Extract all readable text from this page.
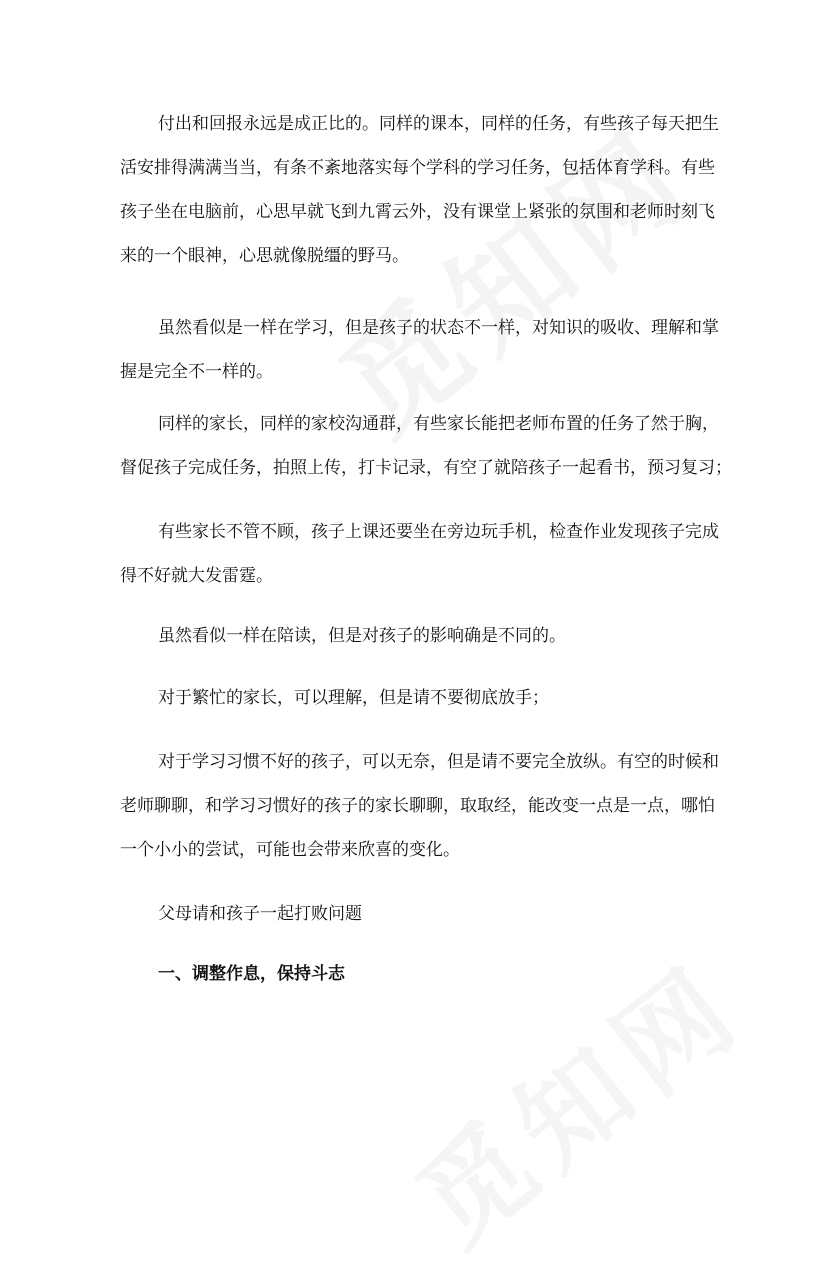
付出和回报永远是成正比的。同样的课本，同样的任务，有些孩子每天把生
活安排得满满当当，有条不紊地落实每个学科的学习任务，包括体育学科。有些
孩子坐在电脑前，心思早就飞到九霄云外，没有课堂上紧张的氛围和老师时刻飞
来的一个眼神，心思就像脱缰的野马。
虽然看似是一样在学习，但是孩子的状态不一样，对知识的吸收、理解和掌
握是完全不一样的。
同样的家长，同样的家校沟通群，有些家长能把老师布置的任务了然于胸，
督促孩子完成任务，拍照上传，打卡记录，有空了就陪孩子一起看书，预习复习；
有些家长不管不顾，孩子上课还要坐在旁边玩手机，检查作业发现孩子完成
得不好就大发雷霆。
虽然看似一样在陪读，但是对孩子的影响确是不同的。
对于繁忙的家长，可以理解，但是请不要彻底放手；
对于学习习惯不好的孩子，可以无奈，但是请不要完全放纵。有空的时候和
老师聊聊，和学习习惯好的孩子的家长聊聊，取取经，能改变一点是一点，哪怕
一个小小的尝试，可能也会带来欣喜的变化。
父母请和孩子一起打败问题
一、调整作息，保持斗志
